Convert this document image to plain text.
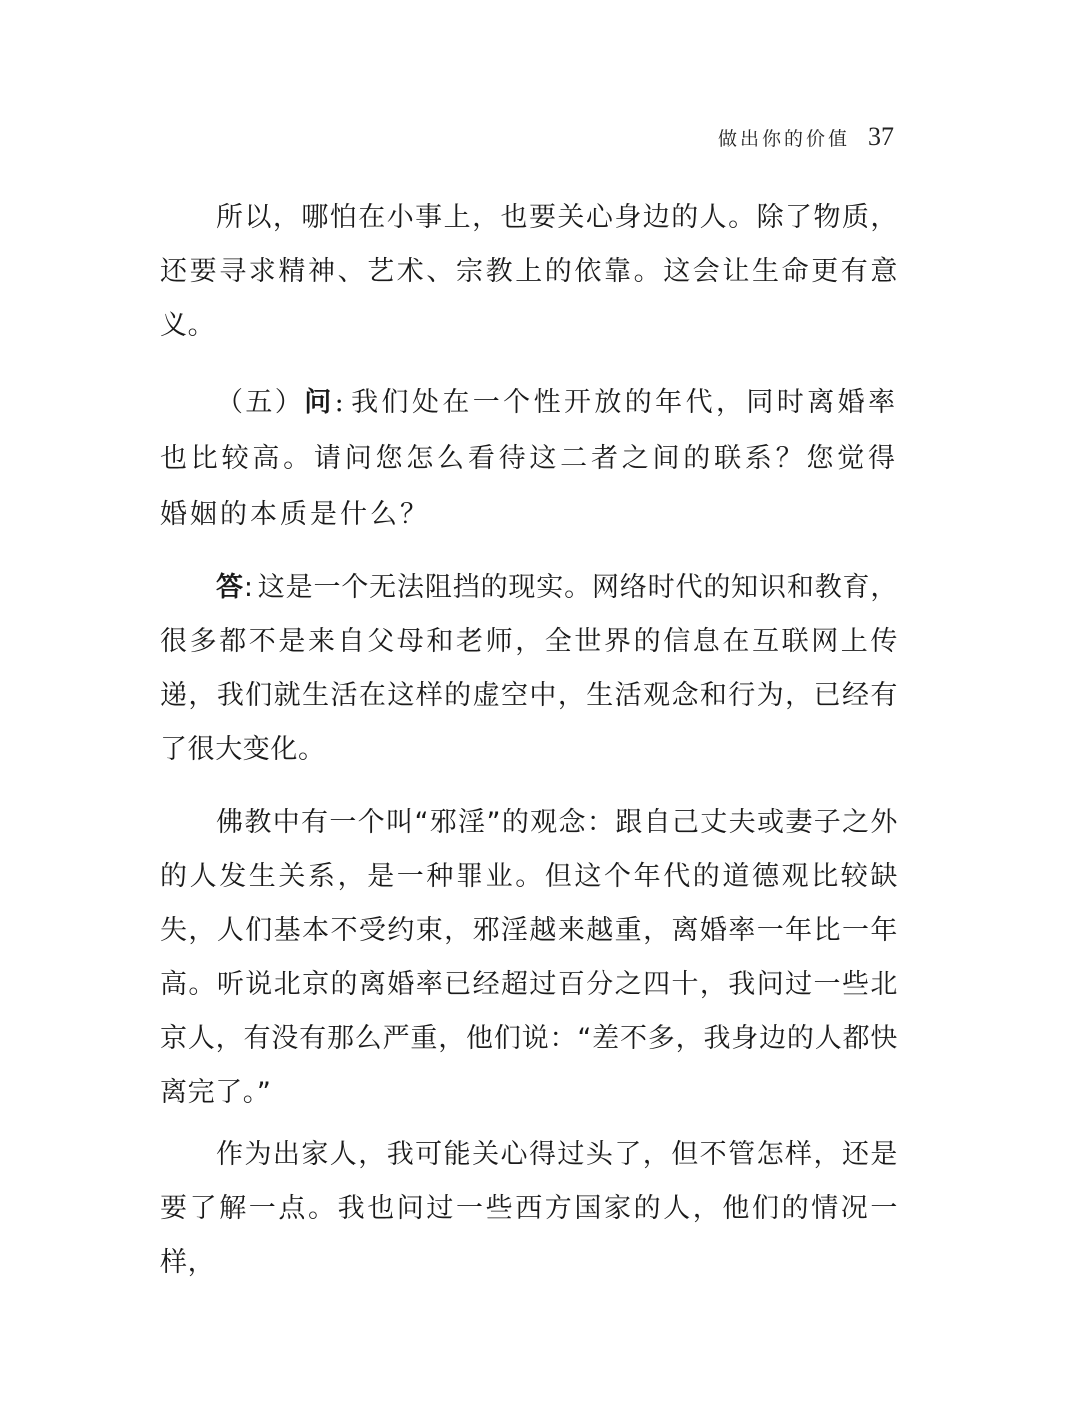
做出你的价值 37

所以，哪怕在小事上，也要关心身边的人。除了物质，还要寻求精神、艺术、宗教上的依靠。这会让生命更有意义。

（五）问: 我们处在一个性开放的年代，同时离婚率也比较高。请问您怎么看待这二者之间的联系？您觉得婚姻的本质是什么？

答: 这是一个无法阻挡的现实。网络时代的知识和教育，很多都不是来自父母和老师，全世界的信息在互联网上传递，我们就生活在这样的虚空中，生活观念和行为，已经有了很大变化。

佛教中有一个叫“邪淫”的观念：跟自己丈夫或妻子之外的人发生关系，是一种罪业。但这个年代的道德观比较缺失，人们基本不受约束，邪淫越来越重，离婚率一年比一年高。听说北京的离婚率已经超过百分之四十，我问过一些北京人，有没有那么严重，他们说：“差不多，我身边的人都快离完了。”

作为出家人，我可能关心得过头了，但不管怎样，还是要了解一点。我也问过一些西方国家的人，他们的情况一样，
